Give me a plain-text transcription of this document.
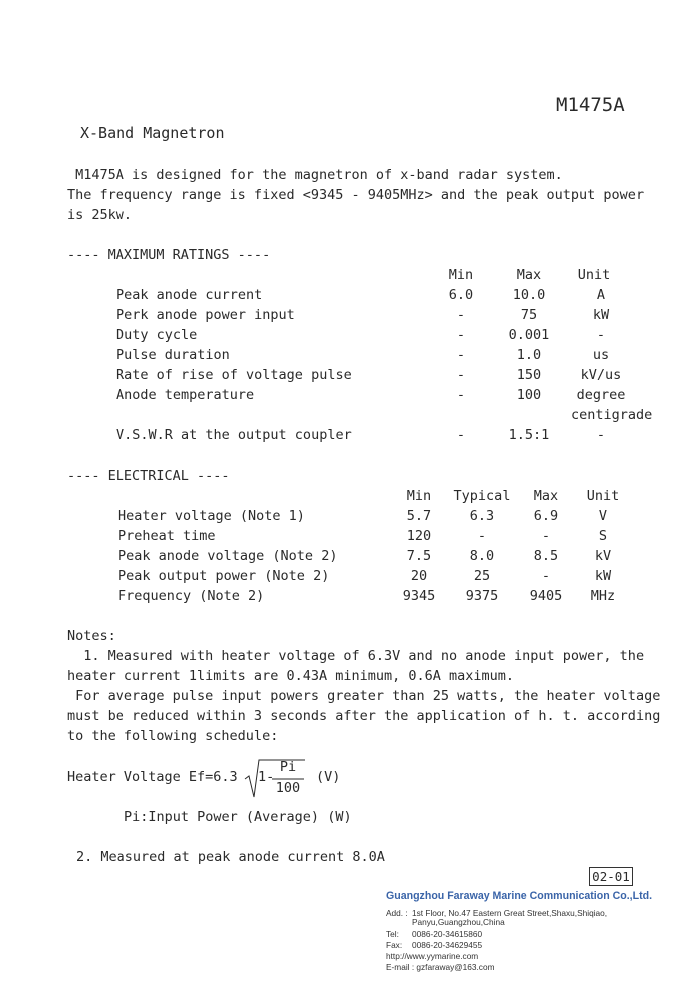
M1475A
X-Band Magnetron
M1475A is designed for the magnetron of x-band radar system.
The frequency range is fixed <9345 - 9405MHz> and the peak output power
is 25kw.
---- MAXIMUM RATINGS ----
Min	Max	Unit
Peak anode current	6.0	10.0	A
Perk anode power input	-	75	kW
Duty cycle	-	0.001	-
Pulse duration	-	1.0	us
Rate of rise of voltage pulse	-	150	kV/us
Anode temperature	-	100	degree
centigrade
V.S.W.R at the output coupler	-	1.5:1	-
---- ELECTRICAL ----
Min	Typical	Max	Unit
Heater voltage (Note 1)	5.7	6.3	6.9	V
Preheat time	120	-	-	S
Peak anode voltage (Note 2)	7.5	8.0	8.5	kV
Peak output power (Note 2)	20	25	-	kW
Frequency (Note 2)	9345	9375	9405	MHz
Notes:
1. Measured with heater voltage of 6.3V and no anode input power, the
heater current 1limits are 0.43A minimum, 0.6A maximum.
For average pulse input powers greater than 25 watts, the heater voltage
must be reduced within 3 seconds after the application of h. t. according
to the following schedule:
Heater Voltage Ef=6.3 1-
Pi
100
(V)
Pi:Input Power (Average) (W)
2. Measured at peak anode current 8.0A
02-01
Guangzhou Faraway Marine Communication Co.,Ltd.
Add. : 1st Floor, No.47 Eastern Great Street,Shaxu,Shiqiao,
Panyu,Guangzhou,China
Tel: 0086-20-34615860
Fax: 0086-20-34629455
http://www.yymarine.com
E-mail : gzfaraway@163.com
